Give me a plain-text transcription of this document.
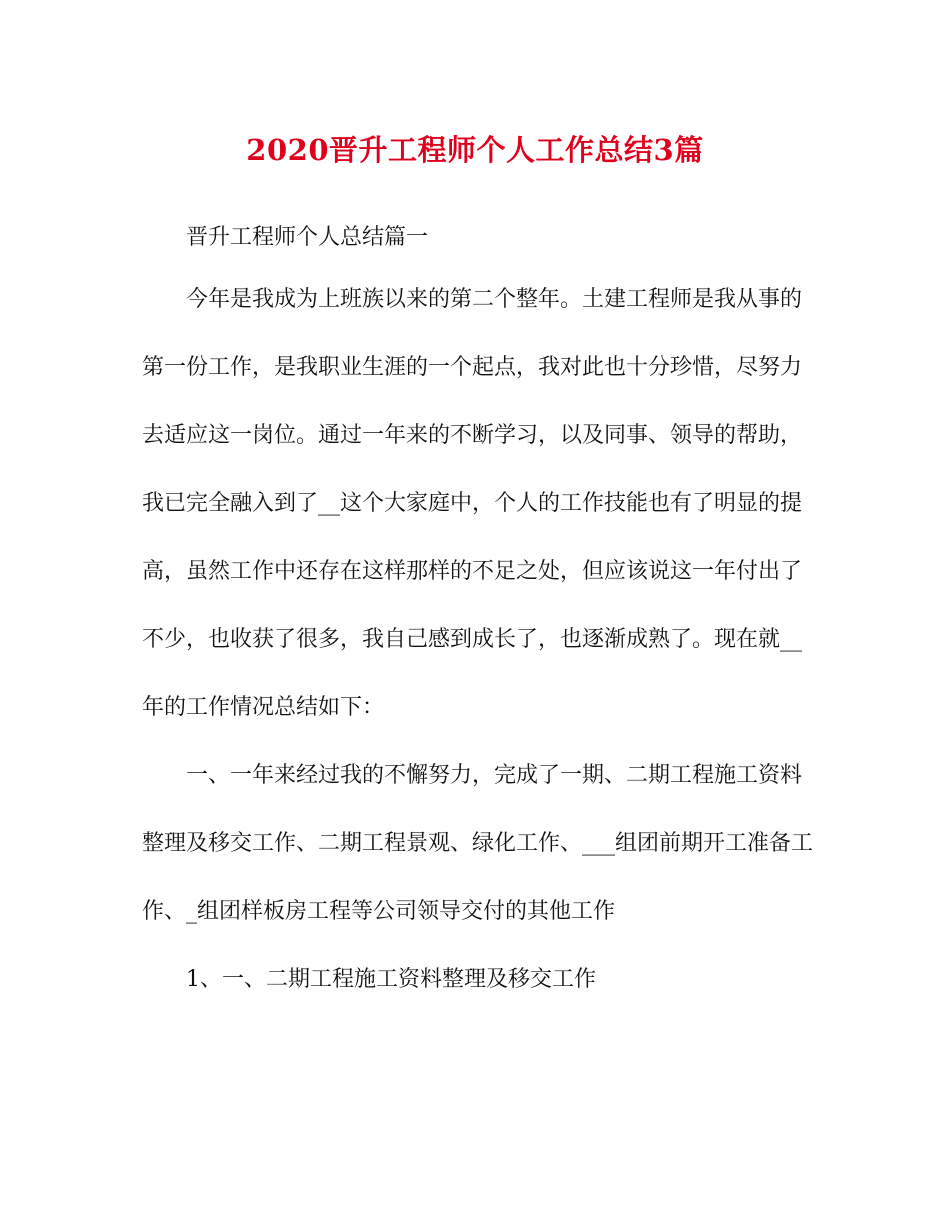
2020晋升工程师个人工作总结3篇
晋升工程师个人总结篇一
今年是我成为上班族以来的第二个整年。土建工程师是我从事的
第一份工作，是我职业生涯的一个起点，我对此也十分珍惜，尽努力
去适应这一岗位。通过一年来的不断学习，以及同事、领导的帮助，
我已完全融入到了__这个大家庭中，个人的工作技能也有了明显的提
高，虽然工作中还存在这样那样的不足之处，但应该说这一年付出了
不少，也收获了很多，我自己感到成长了，也逐渐成熟了。现在就__
年的工作情况总结如下：
一、一年来经过我的不懈努力，完成了一期、二期工程施工资料
整理及移交工作、二期工程景观、绿化工作、___组团前期开工准备工
作、_组团样板房工程等公司领导交付的其他工作
1、一、二期工程施工资料整理及移交工作
